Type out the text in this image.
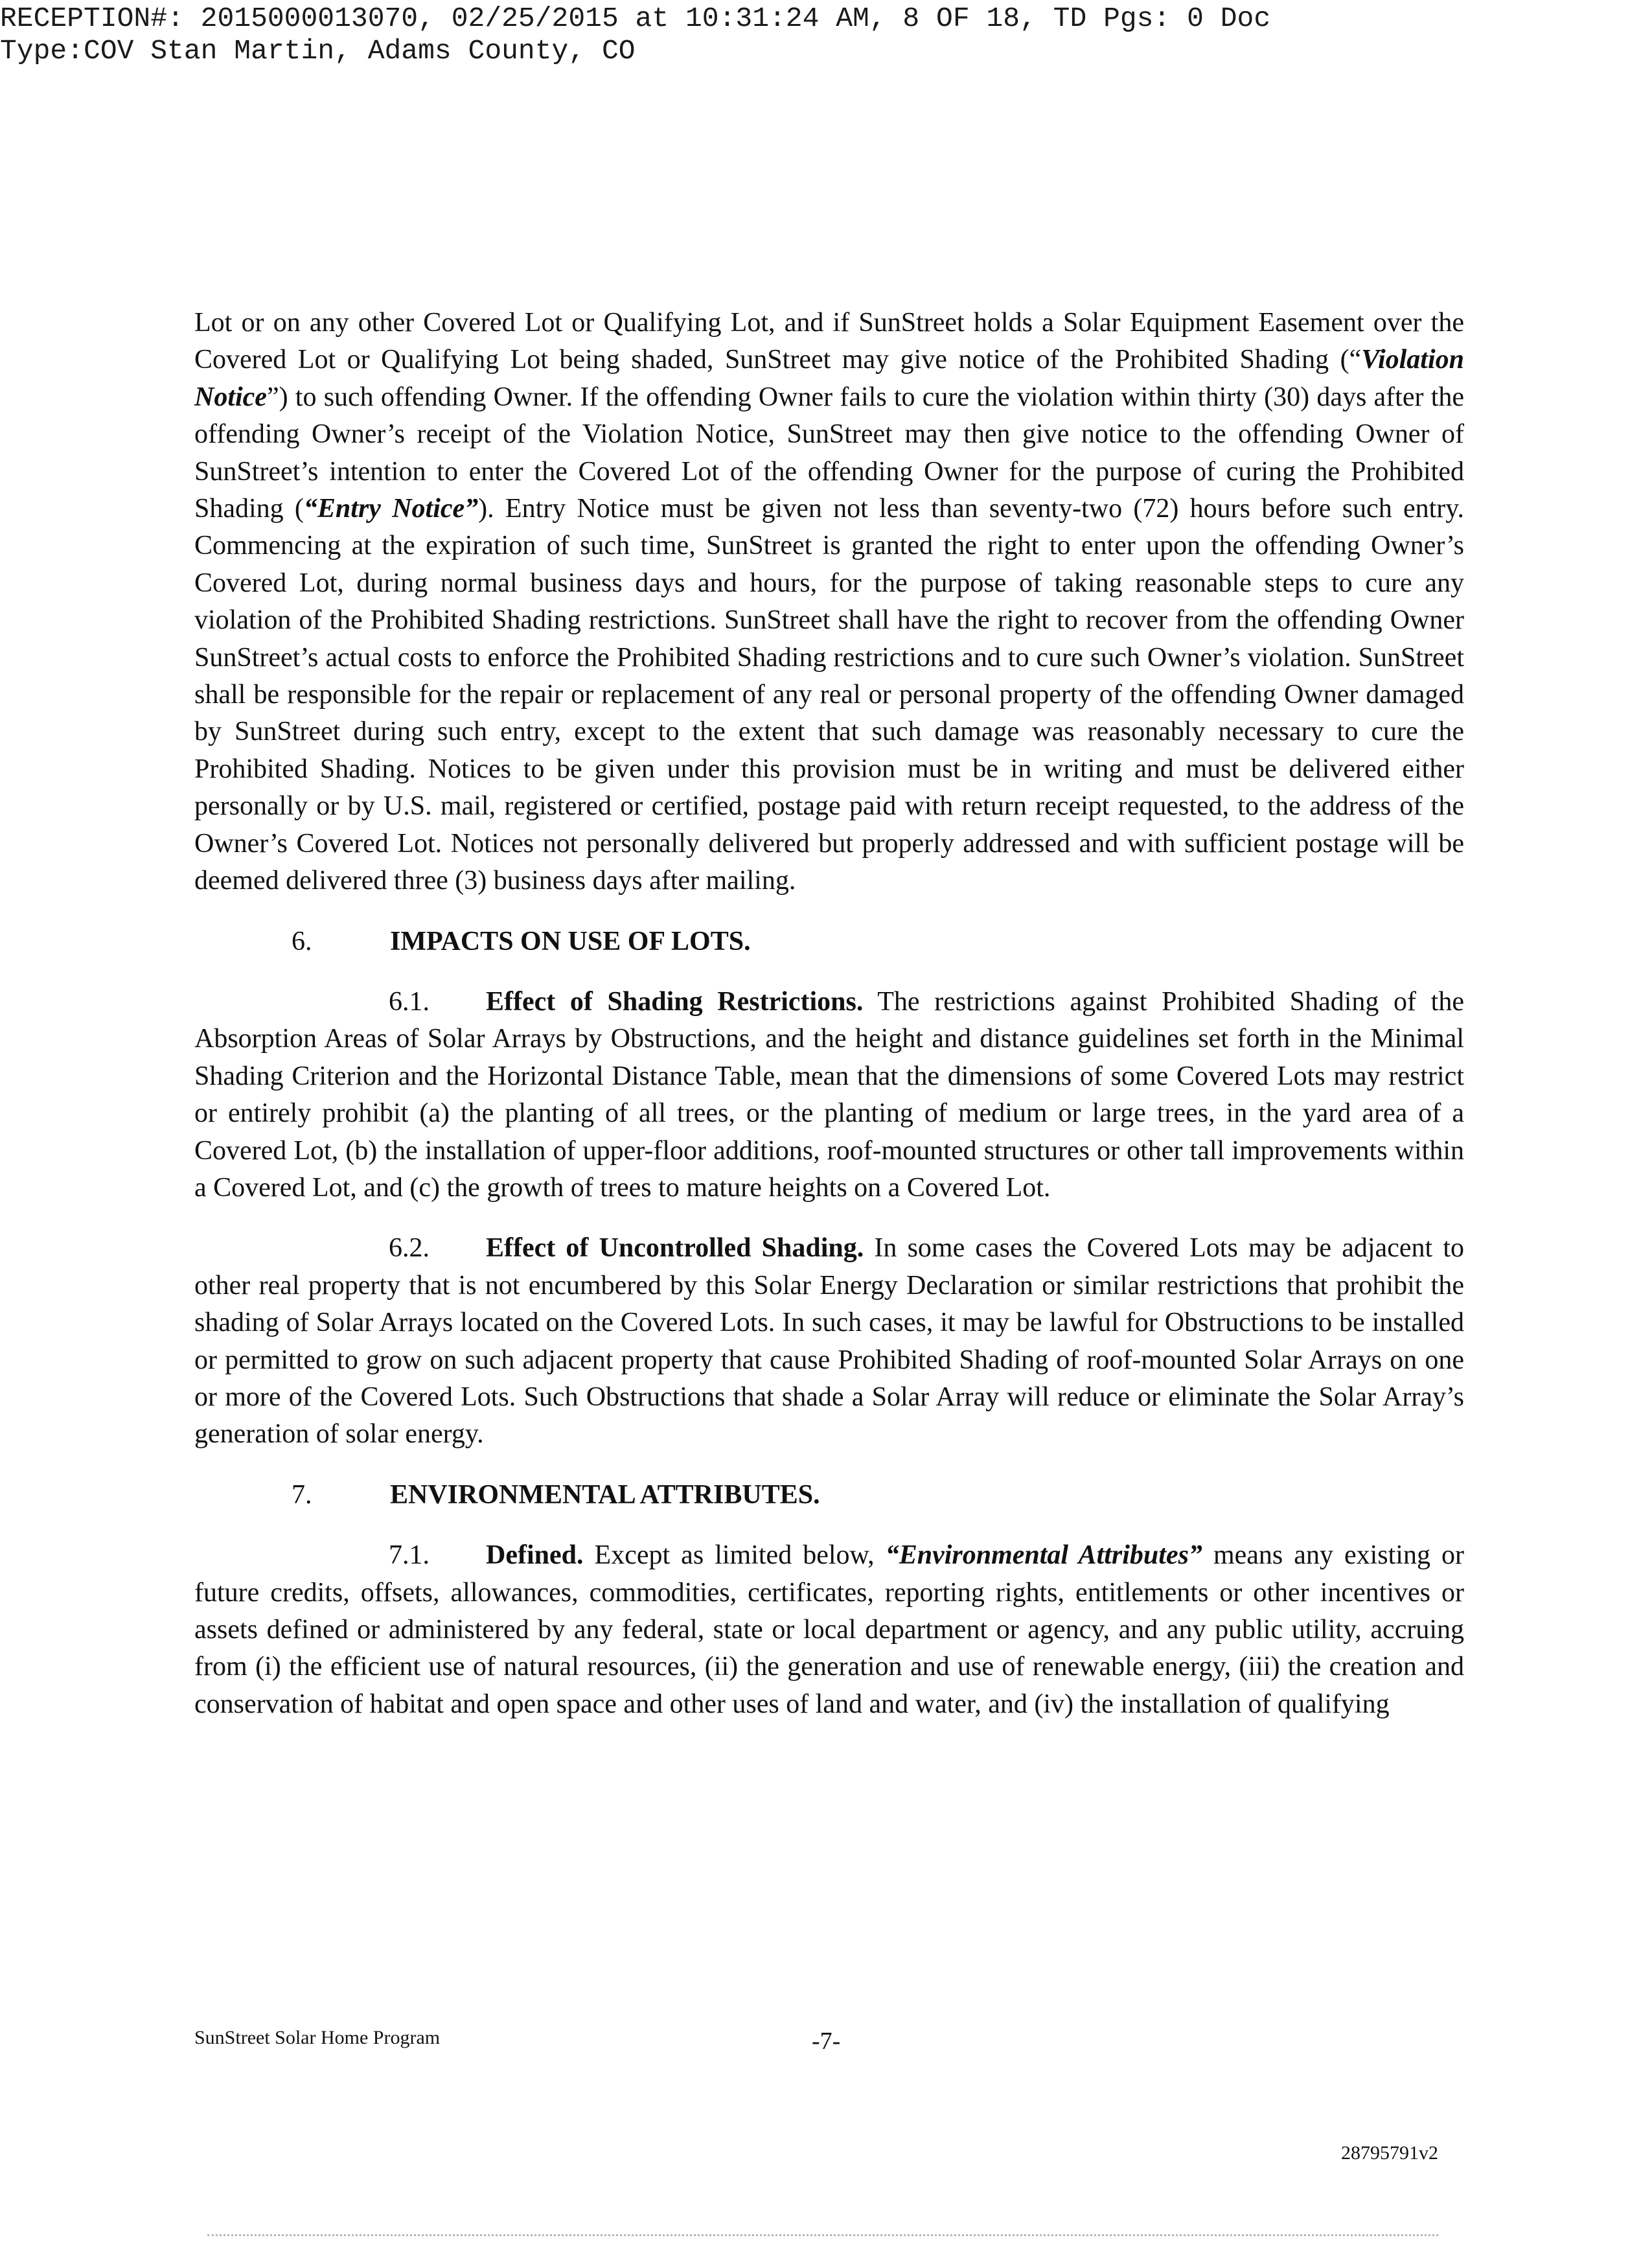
RECEPTION#: 2015000013070, 02/25/2015 at 10:31:24 AM, 8 OF 18, TD Pgs: 0 Doc
Type:COV Stan Martin, Adams County, CO

Lot or on any other Covered Lot or Qualifying Lot, and if SunStreet holds a Solar Equipment Easement over the Covered Lot or Qualifying Lot being shaded, SunStreet may give notice of the Prohibited Shading (“Violation Notice”) to such offending Owner. If the offending Owner fails to cure the violation within thirty (30) days after the offending Owner’s receipt of the Violation Notice, SunStreet may then give notice to the offending Owner of SunStreet’s intention to enter the Covered Lot of the offending Owner for the purpose of curing the Prohibited Shading (“Entry Notice”). Entry Notice must be given not less than seventy-two (72) hours before such entry. Commencing at the expiration of such time, SunStreet is granted the right to enter upon the offending Owner’s Covered Lot, during normal business days and hours, for the purpose of taking reasonable steps to cure any violation of the Prohibited Shading restrictions. SunStreet shall have the right to recover from the offending Owner SunStreet’s actual costs to enforce the Prohibited Shading restrictions and to cure such Owner’s violation. SunStreet shall be responsible for the repair or replacement of any real or personal property of the offending Owner damaged by SunStreet during such entry, except to the extent that such damage was reasonably necessary to cure the Prohibited Shading. Notices to be given under this provision must be in writing and must be delivered either personally or by U.S. mail, registered or certified, postage paid with return receipt requested, to the address of the Owner’s Covered Lot. Notices not personally delivered but properly addressed and with sufficient postage will be deemed delivered three (3) business days after mailing.

6.	IMPACTS ON USE OF LOTS.

6.1. Effect of Shading Restrictions. The restrictions against Prohibited Shading of the Absorption Areas of Solar Arrays by Obstructions, and the height and distance guidelines set forth in the Minimal Shading Criterion and the Horizontal Distance Table, mean that the dimensions of some Covered Lots may restrict or entirely prohibit (a) the planting of all trees, or the planting of medium or large trees, in the yard area of a Covered Lot, (b) the installation of upper-floor additions, roof-mounted structures or other tall improvements within a Covered Lot, and (c) the growth of trees to mature heights on a Covered Lot.

6.2. Effect of Uncontrolled Shading. In some cases the Covered Lots may be adjacent to other real property that is not encumbered by this Solar Energy Declaration or similar restrictions that prohibit the shading of Solar Arrays located on the Covered Lots. In such cases, it may be lawful for Obstructions to be installed or permitted to grow on such adjacent property that cause Prohibited Shading of roof-mounted Solar Arrays on one or more of the Covered Lots. Such Obstructions that shade a Solar Array will reduce or eliminate the Solar Array’s generation of solar energy.

7.	ENVIRONMENTAL ATTRIBUTES.

7.1. Defined. Except as limited below, “Environmental Attributes” means any existing or future credits, offsets, allowances, commodities, certificates, reporting rights, entitlements or other incentives or assets defined or administered by any federal, state or local department or agency, and any public utility, accruing from (i) the efficient use of natural resources, (ii) the generation and use of renewable energy, (iii) the creation and conservation of habitat and open space and other uses of land and water, and (iv) the installation of qualifying

SunStreet Solar Home Program	-7-
28795791v2
